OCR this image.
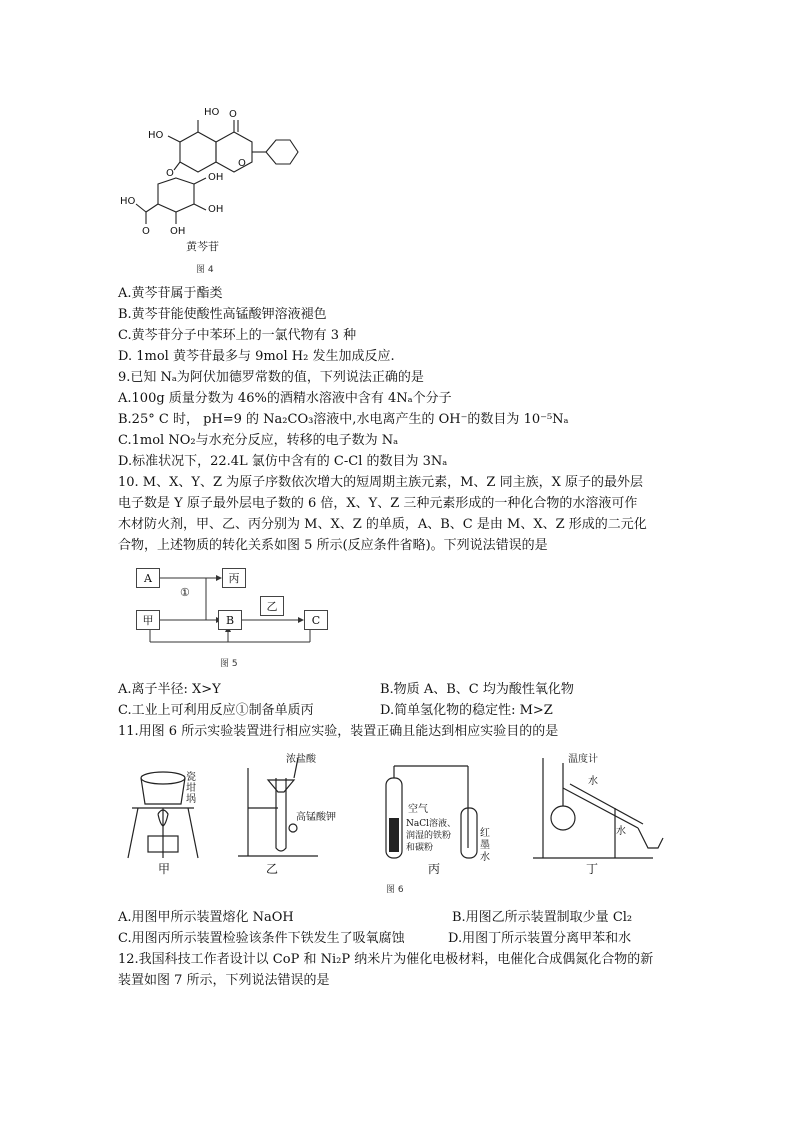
HO O
HO
O
O	OH
HO
OH
OH
O
黄芩苷
图 4
A.黄芩苷属于酯类
B.黄芩苷能使酸性高锰酸钾溶液褪色
C.黄芩苷分子中苯环上的一氯代物有 3 种
D. 1mol 黄芩苷最多与 9mol H₂ 发生加成反应.
9.已知 Nₐ为阿伏加德罗常数的值，下列说法正确的是
A.100g 质量分数为 46%的酒精水溶液中含有 4Nₐ个分子
B.25° C 时， pH=9 的 Na₂CO₃溶液中,水电离产生的 OH⁻的数目为 10⁻⁵Nₐ
C.1mol NO₂与水充分反应，转移的电子数为 Nₐ
D.标准状况下，22.4L 氯仿中含有的 C-Cl 的数目为 3Nₐ
10. M、X、Y、Z 为原子序数依次增大的短周期主族元素，M、Z 同主族，X 原子的最外层
电子数是 Y 原子最外层电子数的 6 倍，X、Y、Z 三种元素形成的一种化合物的水溶液可作
木材防火剂，甲、乙、丙分别为 M、X、Z 的单质，A、B、C 是由 M、X、Z 形成的二元化
合物，上述物质的转化关系如图 5 所示(反应条件省略)。下列说法错误的是
A	丙
①
乙
甲	B	C
图 5
A.离子半径: X>Y	B.物质 A、B、C 均为酸性氧化物
C.工业上可利用反应①制备单质丙	D.简单氢化物的稳定性: M>Z
11.用图 6 所示实验装置进行相应实验，装置正确且能达到相应实验目的的是
瓷
坩
埚
浓盐酸
高锰酸钾
空气
NaCl溶液、
润湿的铁粉
和碳粉
红
墨
水
温度计
水
水
甲	乙	丙	丁
图 6
A.用图甲所示装置熔化 NaOH	B.用图乙所示装置制取少量 Cl₂
C.用图丙所示装置检验该条件下铁发生了吸氧腐蚀	D.用图丁所示装置分离甲苯和水
12.我国科技工作者设计以 CoP 和 Ni₂P 纳米片为催化电极材料，电催化合成偶氮化合物的新
装置如图 7 所示，下列说法错误的是
